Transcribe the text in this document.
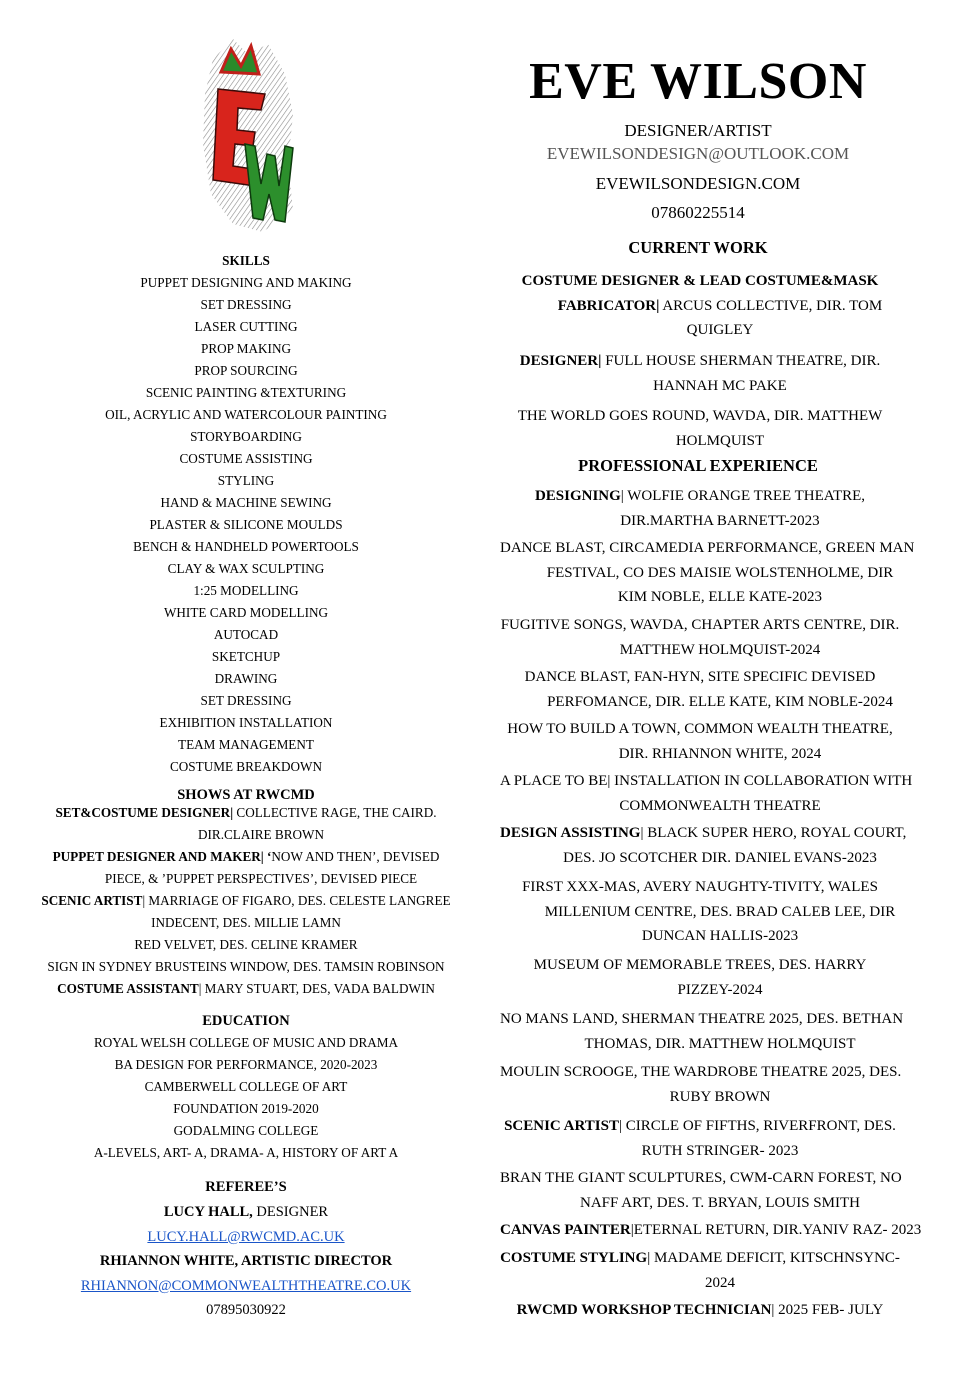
EVE WILSON
DESIGNER/ARTIST
EVEWILSONDESIGN@OUTLOOK.COM
EVEWILSONDESIGN.COM
07860225514
SKILLS
PUPPET DESIGNING AND MAKING
SET DRESSING
LASER CUTTING
PROP MAKING
PROP SOURCING
SCENIC PAINTING &TEXTURING
OIL, ACRYLIC AND WATERCOLOUR PAINTING
STORYBOARDING
COSTUME ASSISTING
STYLING
HAND & MACHINE SEWING
PLASTER & SILICONE MOULDS
BENCH & HANDHELD POWERTOOLS
CLAY & WAX SCULPTING
1:25 MODELLING
WHITE CARD MODELLING
AUTOCAD
SKETCHUP
DRAWING
SET DRESSING
EXHIBITION INSTALLATION
TEAM MANAGEMENT
COSTUME BREAKDOWN
SHOWS AT RWCMD
SET&COSTUME DESIGNER| COLLECTIVE RAGE, THE CAIRD.
DIR.CLAIRE BROWN
PUPPET DESIGNER AND MAKER| ‘NOW AND THEN’, DEVISED
PIECE, & ’PUPPET PERSPECTIVES’, DEVISED PIECE
SCENIC ARTIST| MARRIAGE OF FIGARO, DES. CELESTE LANGREE
INDECENT, DES. MILLIE LAMN
RED VELVET, DES. CELINE KRAMER
SIGN IN SYDNEY BRUSTEINS WINDOW, DES. TAMSIN ROBINSON
COSTUME ASSISTANT| MARY STUART, DES, VADA BALDWIN
EDUCATION
ROYAL WELSH COLLEGE OF MUSIC AND DRAMA
BA DESIGN FOR PERFORMANCE, 2020-2023
CAMBERWELL COLLEGE OF ART
FOUNDATION 2019-2020
GODALMING COLLEGE
A-LEVELS, ART- A, DRAMA- A, HISTORY OF ART A
REFEREE’S
LUCY HALL, DESIGNER
LUCY.HALL@RWCMD.AC.UK
RHIANNON WHITE, ARTISTIC DIRECTOR
RHIANNON@COMMONWEALTHTHEATRE.CO.UK
07895030922
CURRENT WORK
COSTUME DESIGNER & LEAD COSTUME&MASK
FABRICATOR| ARCUS COLLECTIVE, DIR. TOM
QUIGLEY
DESIGNER| FULL HOUSE SHERMAN THEATRE, DIR.
HANNAH MC PAKE
THE WORLD GOES ROUND, WAVDA, DIR. MATTHEW
HOLMQUIST
PROFESSIONAL EXPERIENCE
DESIGNING| WOLFIE ORANGE TREE THEATRE,
DIR.MARTHA BARNETT-2023
DANCE BLAST, CIRCAMEDIA PERFORMANCE, GREEN MAN
FESTIVAL, CO DES MAISIE WOLSTENHOLME, DIR
KIM NOBLE, ELLE KATE-2023
FUGITIVE SONGS, WAVDA, CHAPTER ARTS CENTRE, DIR.
MATTHEW HOLMQUIST-2024
DANCE BLAST, FAN-HYN, SITE SPECIFIC DEVISED
PERFOMANCE, DIR. ELLE KATE, KIM NOBLE-2024
HOW TO BUILD A TOWN, COMMON WEALTH THEATRE,
DIR. RHIANNON WHITE, 2024
A PLACE TO BE| INSTALLATION IN COLLABORATION WITH
COMMONWEALTH THEATRE
DESIGN ASSISTING| BLACK SUPER HERO, ROYAL COURT,
DES. JO SCOTCHER DIR. DANIEL EVANS-2023
FIRST XXX-MAS, AVERY NAUGHTY-TIVITY, WALES
MILLENIUM CENTRE, DES. BRAD CALEB LEE, DIR
DUNCAN HALLIS-2023
MUSEUM OF MEMORABLE TREES, DES. HARRY
PIZZEY-2024
NO MANS LAND, SHERMAN THEATRE 2025, DES. BETHAN
THOMAS, DIR. MATTHEW HOLMQUIST
MOULIN SCROOGE, THE WARDROBE THEATRE 2025, DES.
RUBY BROWN
SCENIC ARTIST| CIRCLE OF FIFTHS, RIVERFRONT, DES.
RUTH STRINGER- 2023
BRAN THE GIANT SCULPTURES, CWM-CARN FOREST, NO
NAFF ART, DES. T. BRYAN, LOUIS SMITH
CANVAS PAINTER|ETERNAL RETURN, DIR.YANIV RAZ- 2023
COSTUME STYLING| MADAME DEFICIT, KITSCHNSYNC-
2024
RWCMD WORKSHOP TECHNICIAN| 2025 FEB- JULY
